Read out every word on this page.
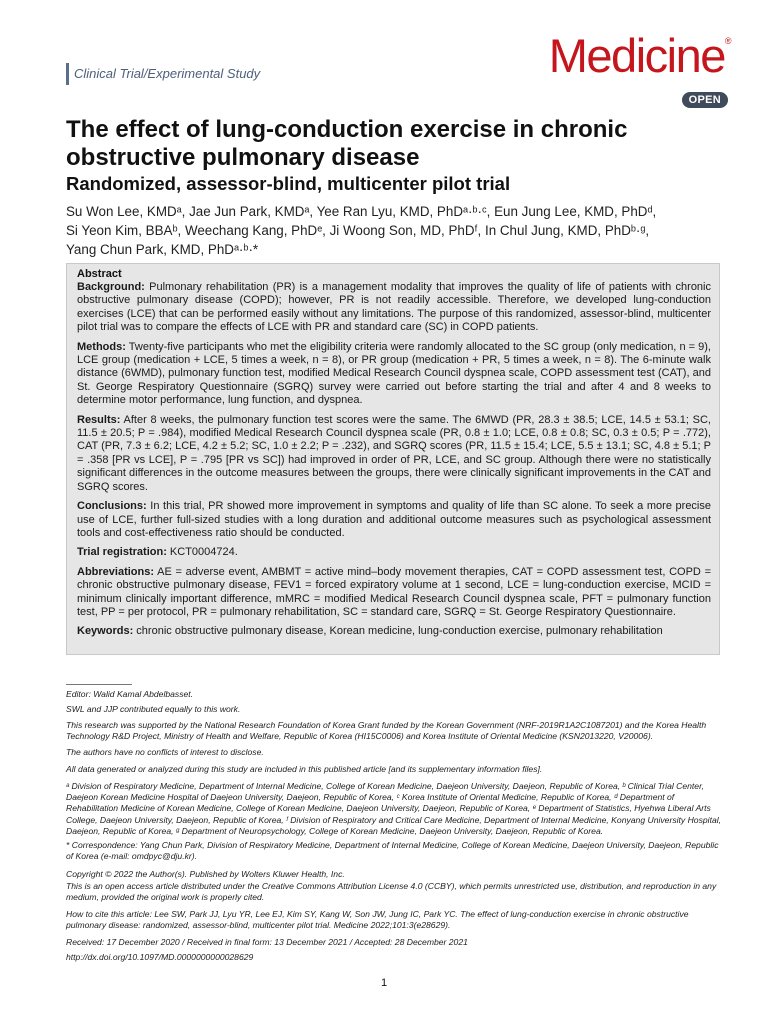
Clinical Trial/Experimental Study	Medicine®
OPEN
The effect of lung-conduction exercise in chronic obstructive pulmonary disease
Randomized, assessor-blind, multicenter pilot trial
Su Won Lee, KMDᵃ, Jae Jun Park, KMDᵃ, Yee Ran Lyu, KMD, PhDᵃ·ᵇ·ᶜ, Eun Jung Lee, KMD, PhDᵈ,
Si Yeon Kim, BBAᵇ, Weechang Kang, PhDᵉ, Ji Woong Son, MD, PhDᶠ, In Chul Jung, KMD, PhDᵇ·ᵍ,
Yang Chun Park, KMD, PhDᵃ·ᵇ·*
Abstract

Background: Pulmonary rehabilitation (PR) is a management modality that improves the quality of life of patients with chronic obstructive pulmonary disease (COPD); however, PR is not readily accessible. Therefore, we developed lung-conduction exercises (LCE) that can be performed easily without any limitations. The purpose of this randomized, assessor-blind, multicenter pilot trial was to compare the effects of LCE with PR and standard care (SC) in COPD patients.

Methods: Twenty-five participants who met the eligibility criteria were randomly allocated to the SC group (only medication, n = 9), LCE group (medication + LCE, 5 times a week, n = 8), or PR group (medication + PR, 5 times a week, n = 8). The 6-minute walk distance (6WMD), pulmonary function test, modified Medical Research Council dyspnea scale, COPD assessment test (CAT), and St. George Respiratory Questionnaire (SGRQ) survey were carried out before starting the trial and after 4 and 8 weeks to determine motor performance, lung function, and dyspnea.

Results: After 8 weeks, the pulmonary function test scores were the same. The 6MWD (PR, 28.3 ± 38.5; LCE, 14.5 ± 53.1; SC, 11.5 ± 20.5; P = .984), modified Medical Research Council dyspnea scale (PR, 0.8 ± 1.0; LCE, 0.8 ± 0.8; SC, 0.3 ± 0.5; P = .772), CAT (PR, 7.3 ± 6.2; LCE, 4.2 ± 5.2; SC, 1.0 ± 2.2; P = .232), and SGRQ scores (PR, 11.5 ± 15.4; LCE, 5.5 ± 13.1; SC, 4.8 ± 5.1; P = .358 [PR vs LCE], P = .795 [PR vs SC]) had improved in order of PR, LCE, and SC group. Although there were no statistically significant differences in the outcome measures between the groups, there were clinically significant improvements in the CAT and SGRQ scores.

Conclusions: In this trial, PR showed more improvement in symptoms and quality of life than SC alone. To seek a more precise use of LCE, further full-sized studies with a long duration and additional outcome measures such as psychological assessment tools and cost-effectiveness ratio should be conducted.

Trial registration: KCT0004724.

Abbreviations: AE = adverse event, AMBMT = active mind–body movement therapies, CAT = COPD assessment test, COPD = chronic obstructive pulmonary disease, FEV1 = forced expiratory volume at 1 second, LCE = lung-conduction exercise, MCID = minimum clinically important difference, mMRC = modified Medical Research Council dyspnea scale, PFT = pulmonary function test, PP = per protocol, PR = pulmonary rehabilitation, SC = standard care, SGRQ = St. George Respiratory Questionnaire.

Keywords: chronic obstructive pulmonary disease, Korean medicine, lung-conduction exercise, pulmonary rehabilitation

Editor: Walid Kamal Abdelbasset.
SWL and JJP contributed equally to this work.
This research was supported by the National Research Foundation of Korea Grant funded by the Korean Government (NRF-2019R1A2C1087201) and the Korea Health Technology R&D Project, Ministry of Health and Welfare, Republic of Korea (HI15C0006) and Korea Institute of Oriental Medicine (KSN2013220, V20006).
The authors have no conflicts of interest to disclose.
All data generated or analyzed during this study are included in this published article [and its supplementary information files].
ᵃ Division of Respiratory Medicine, Department of Internal Medicine, College of Korean Medicine, Daejeon University, Daejeon, Republic of Korea, ᵇ Clinical Trial Center, Daejeon Korean Medicine Hospital of Daejeon University, Daejeon, Republic of Korea, ᶜ Korea Institute of Oriental Medicine, Republic of Korea, ᵈ Department of Rehabilitation Medicine of Korean Medicine, College of Korean Medicine, Daejeon University, Daejeon, Republic of Korea, ᵉ Department of Statistics, Hyehwa Liberal Arts College, Daejeon University, Daejeon, Republic of Korea, ᶠ Division of Respiratory and Critical Care Medicine, Department of Internal Medicine, Konyang University Hospital, Daejeon, Republic of Korea, ᵍ Department of Neuropsychology, College of Korean Medicine, Daejeon University, Daejeon, Republic of Korea.
* Correspondence: Yang Chun Park, Division of Respiratory Medicine, Department of Internal Medicine, College of Korean Medicine, Daejeon University, Daejeon, Republic of Korea (e-mail: omdpyc@dju.kr).
Copyright © 2022 the Author(s). Published by Wolters Kluwer Health, Inc.
This is an open access article distributed under the Creative Commons Attribution License 4.0 (CCBY), which permits unrestricted use, distribution, and reproduction in any medium, provided the original work is properly cited.
How to cite this article: Lee SW, Park JJ, Lyu YR, Lee EJ, Kim SY, Kang W, Son JW, Jung IC, Park YC. The effect of lung-conduction exercise in chronic obstructive pulmonary disease: randomized, assessor-blind, multicenter pilot trial. Medicine 2022;101:3(e28629).
Received: 17 December 2020 / Received in final form: 13 December 2021 / Accepted: 28 December 2021
http://dx.doi.org/10.1097/MD.0000000000028629
1
